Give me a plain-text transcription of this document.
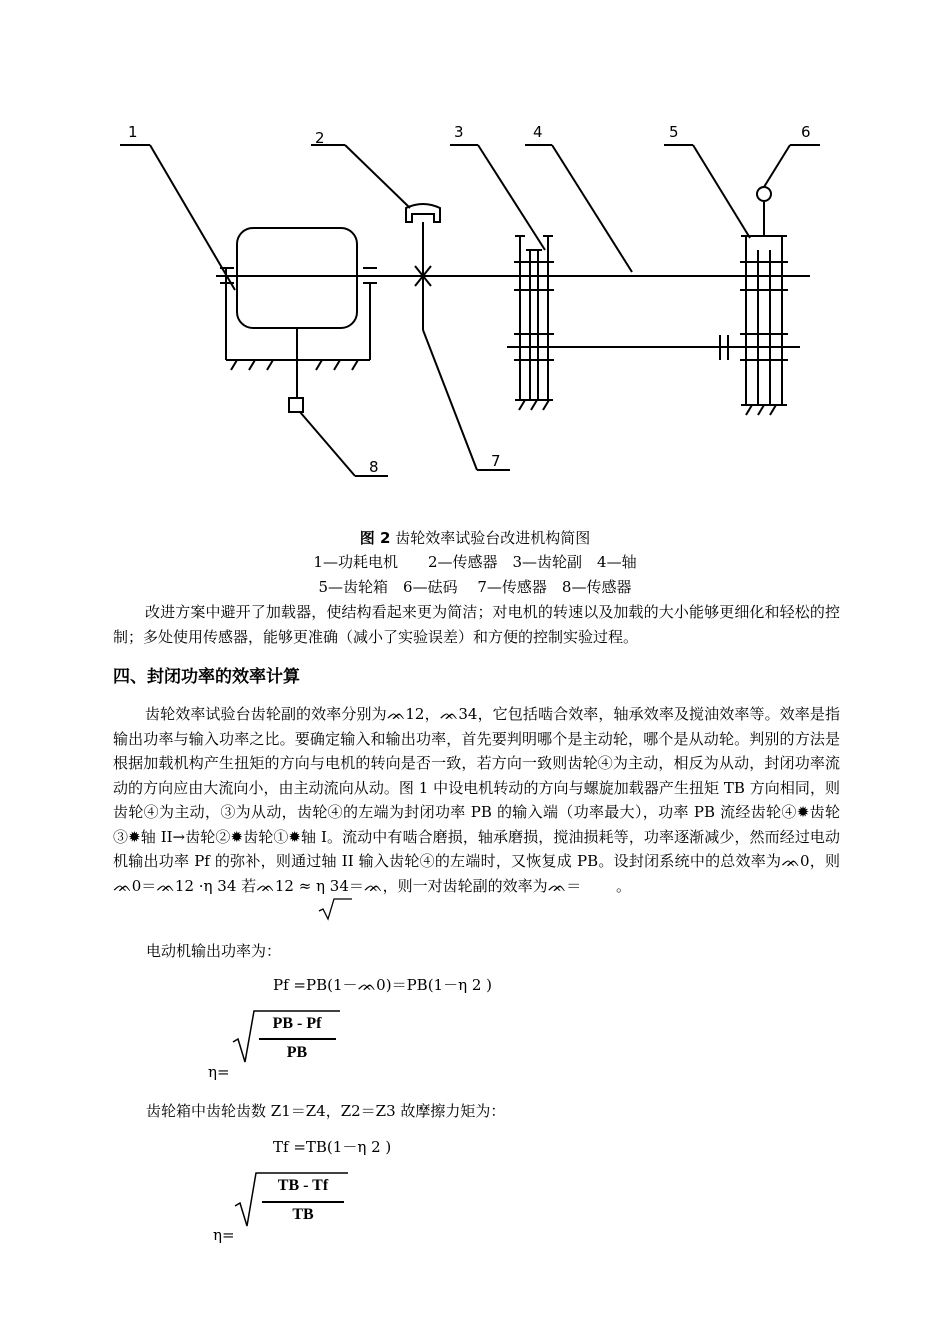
1	2	3	4	5	6
7
8
图 2 齿轮效率试验台改进机构简图
1—功耗电机　　2—传感器　3—齿轮副　4—轴
5—齿轮箱　6—砝码　 7—传感器　8—传感器
改进方案中避开了加载器，使结构看起来更为简洁；对电机的转速以及加载的大小能够更细化和轻松的控制；多处使用传感器，能够更准确（减小了实验误差）和方便的控制实验过程。
四、封闭功率的效率计算
齿轮效率试验台齿轮副的效率分别为ᨏ12，ᨏ34，它包括啮合效率，轴承效率及搅油效率等。效率是指输出功率与输入功率之比。要确定输入和输出功率，首先要判明哪个是主动轮，哪个是从动轮。判别的方法是根据加载机构产生扭矩的方向与电机的转向是否一致，若方向一致则齿轮④为主动，相反为从动，封闭功率流动的方向应由大流向小，由主动流向从动。图 1 中设电机转动的方向与螺旋加载器产生扭矩 TB 方向相同，则齿轮④为主动，③为从动，齿轮④的左端为封闭功率 PB 的输入端（功率最大），功率 PB 流经齿轮④✹齿轮③✹轴 II→齿轮②✹齿轮①✹轴 I。流动中有啮合磨损，轴承磨损，搅油损耗等，功率逐渐减少，然而经过电动机输出功率 Pf 的弥补，则通过轴 II 输入齿轮④的左端时，又恢复成 PB。设封闭系统中的总效率为ᨏ0，则ᨏ0＝ᨏ12 ·η 34 若ᨏ12 ≈ η 34＝ᨏ，则一对齿轮副的效率为ᨏ＝ 　　。
电动机输出功率为：
Pf =PB(1－ᨏ0)＝PB(1－η 2 )
η=
PB - Pf
PB
齿轮箱中齿轮齿数 Z1＝Z4，Z2＝Z3 故摩擦力矩为：
Tf =TB(1－η 2 )
η=
TB - Tf
TB
